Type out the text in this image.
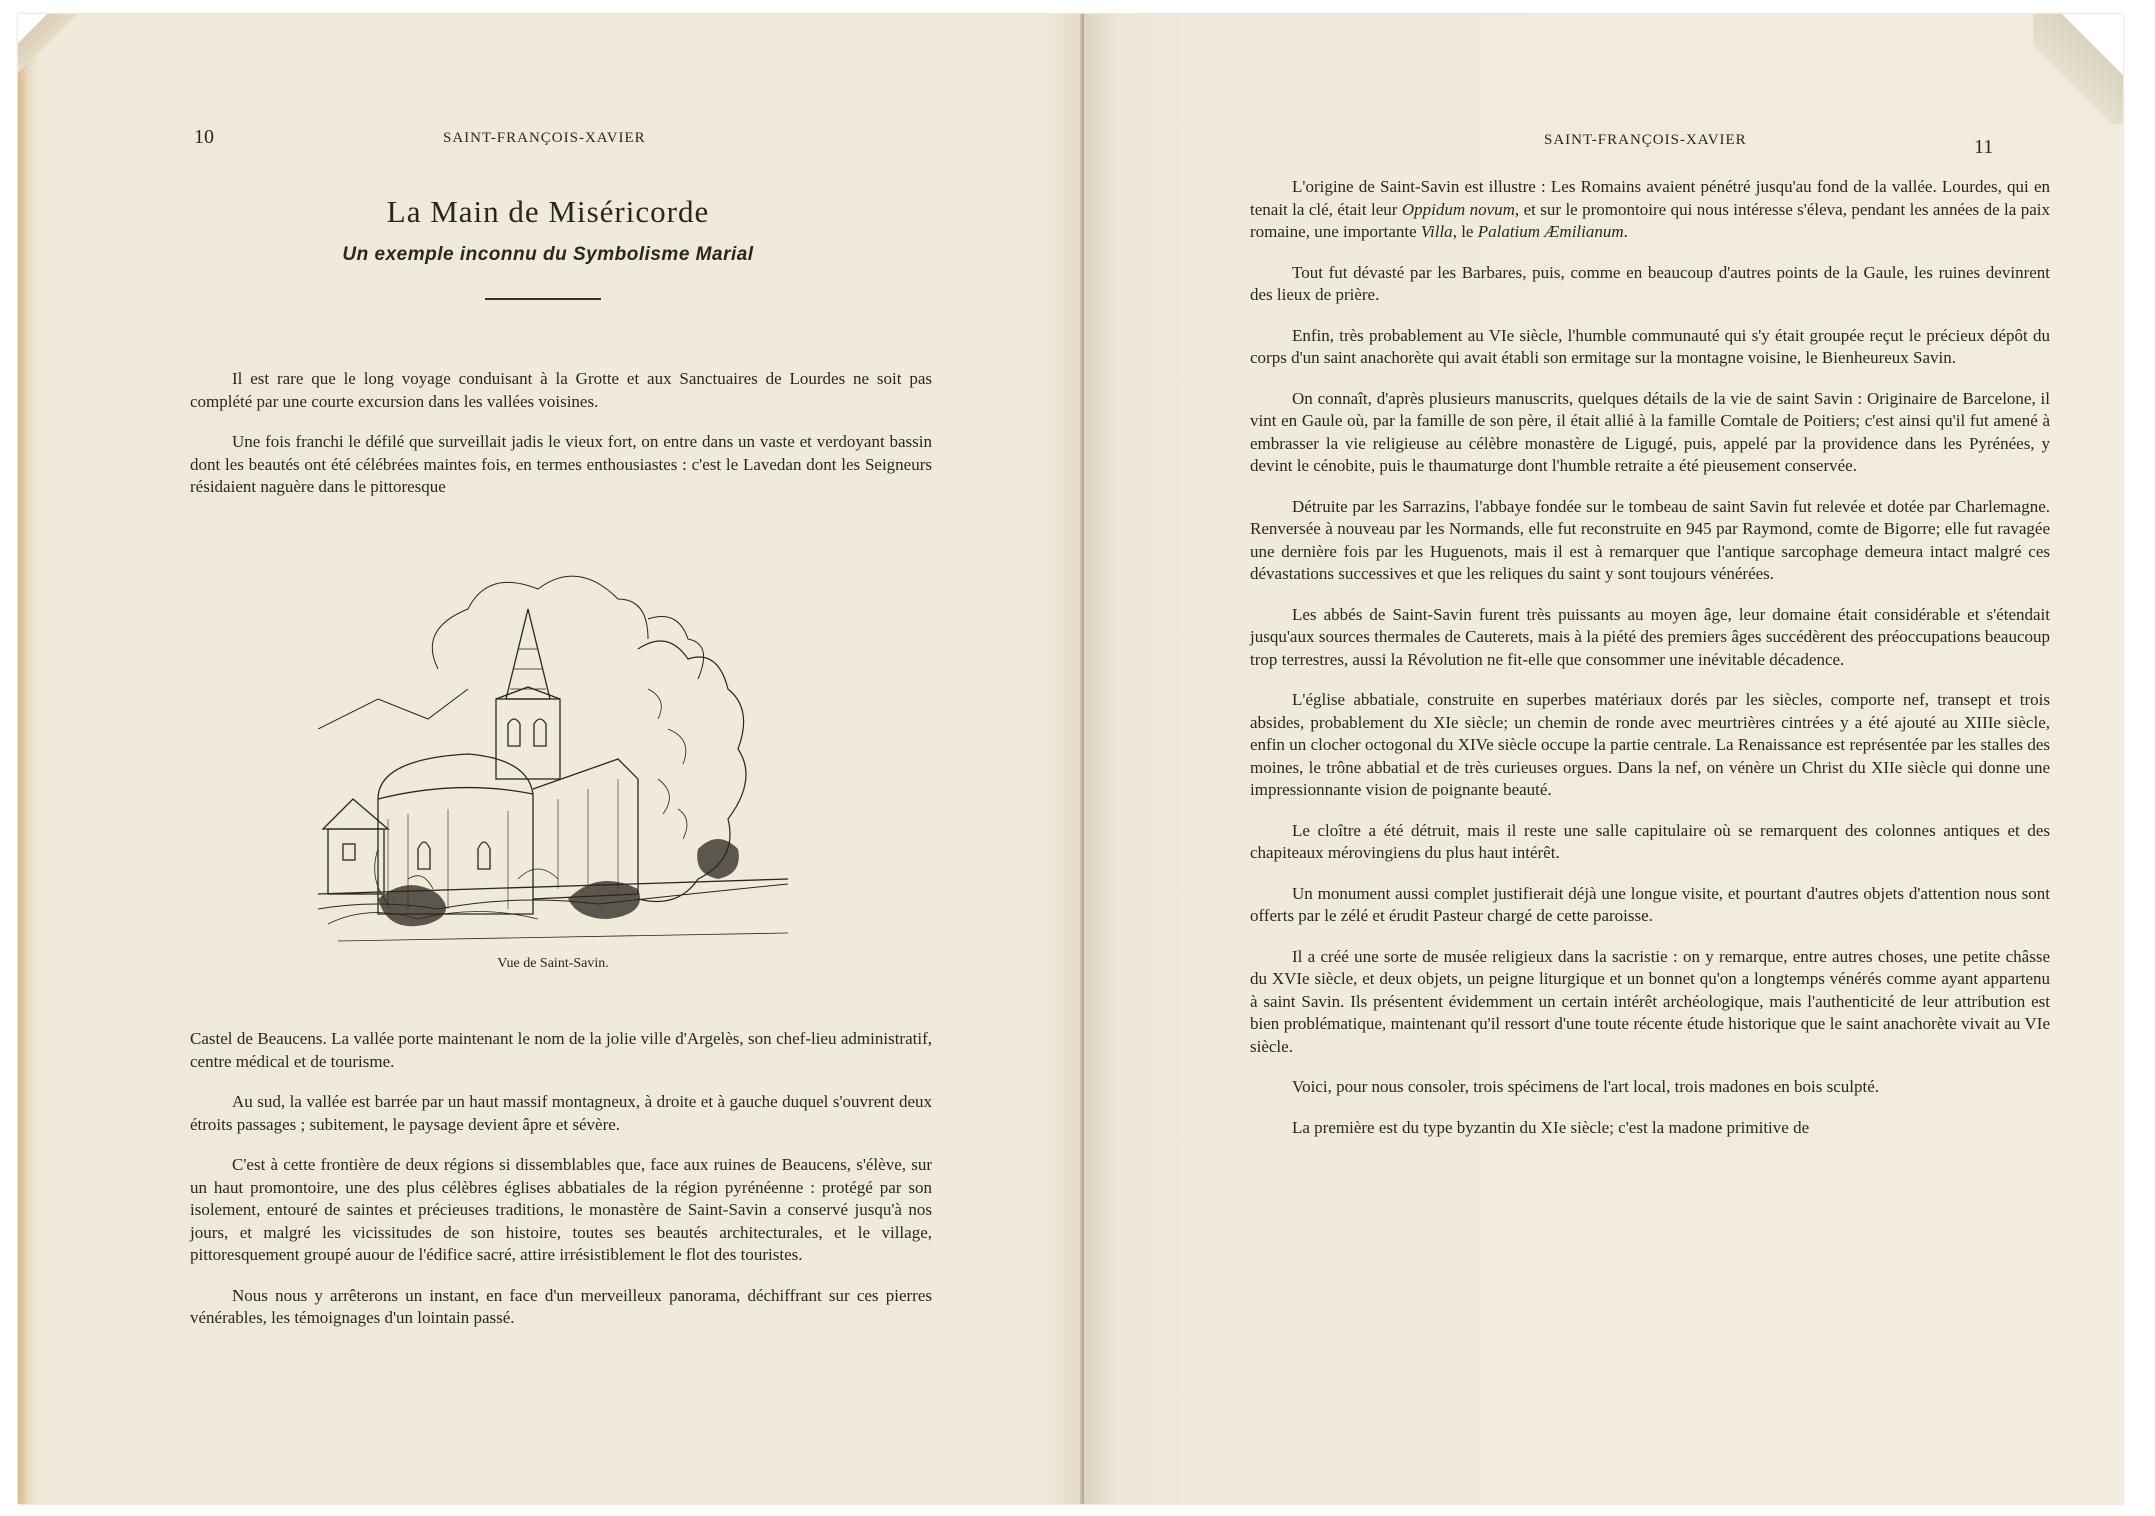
10	SAINT-FRANÇOIS-XAVIER
La Main de Miséricorde
Un exemple inconnu du Symbolisme Marial

Il est rare que le long voyage conduisant à la Grotte et aux Sanctuaires de Lourdes ne soit pas complété par une courte excursion dans les vallées voisines.

Une fois franchi le défilé que surveillait jadis le vieux fort, on entre dans un vaste et verdoyant bassin dont les beautés ont été célébrées maintes fois, en termes enthousiastes : c'est le Lavedan dont les Seigneurs résidaient naguère dans le pittoresque

Vue de Saint-Savin.

Castel de Beaucens. La vallée porte maintenant le nom de la jolie ville d'Argelès, son chef-lieu administratif, centre médical et de tourisme.

Au sud, la vallée est barrée par un haut massif montagneux, à droite et à gauche duquel s'ouvrent deux étroits passages ; subitement, le paysage devient âpre et sévère.

C'est à cette frontière de deux régions si dissemblables que, face aux ruines de Beaucens, s'élève, sur un haut promontoire, une des plus célèbres églises abbatiales de la région pyrénéenne : protégé par son isolement, entouré de saintes et précieuses traditions, le monastère de Saint-Savin a conservé jusqu'à nos jours, et malgré les vicissitudes de son histoire, toutes ses beautés architecturales, et le village, pittoresquement groupé auour de l'édifice sacré, attire irrésistiblement le flot des touristes.

Nous nous y arrêterons un instant, en face d'un merveilleux panorama, déchiffrant sur ces pierres vénérables, les témoignages d'un lointain passé.

SAINT-FRANÇOIS-XAVIER	11

L'origine de Saint-Savin est illustre : Les Romains avaient pénétré jusqu'au fond de la vallée. Lourdes, qui en tenait la clé, était leur Oppidum novum, et sur le promontoire qui nous intéresse s'éleva, pendant les années de la paix romaine, une importante Villa, le Palatium Æmilianum.

Tout fut dévasté par les Barbares, puis, comme en beaucoup d'autres points de la Gaule, les ruines devinrent des lieux de prière.

Enfin, très probablement au VIe siècle, l'humble communauté qui s'y était groupée reçut le précieux dépôt du corps d'un saint anachorète qui avait établi son ermitage sur la montagne voisine, le Bienheureux Savin.

On connaît, d'après plusieurs manuscrits, quelques détails de la vie de saint Savin : Originaire de Barcelone, il vint en Gaule où, par la famille de son père, il était allié à la famille Comtale de Poitiers; c'est ainsi qu'il fut amené à embrasser la vie religieuse au célèbre monastère de Ligugé, puis, appelé par la providence dans les Pyrénées, y devint le cénobite, puis le thaumaturge dont l'humble retraite a été pieusement conservée.

Détruite par les Sarrazins, l'abbaye fondée sur le tombeau de saint Savin fut relevée et dotée par Charlemagne. Renversée à nouveau par les Normands, elle fut reconstruite en 945 par Raymond, comte de Bigorre; elle fut ravagée une dernière fois par les Huguenots, mais il est à remarquer que l'antique sarcophage demeura intact malgré ces dévastations successives et que les reliques du saint y sont toujours vénérées.

Les abbés de Saint-Savin furent très puissants au moyen âge, leur domaine était considérable et s'étendait jusqu'aux sources thermales de Cauterets, mais à la piété des premiers âges succédèrent des préoccupations beaucoup trop terrestres, aussi la Révolution ne fit-elle que consommer une inévitable décadence.

L'église abbatiale, construite en superbes matériaux dorés par les siècles, comporte nef, transept et trois absides, probablement du XIe siècle; un chemin de ronde avec meurtrières cintrées y a été ajouté au XIIIe siècle, enfin un clocher octogonal du XIVe siècle occupe la partie centrale. La Renaissance est représentée par les stalles des moines, le trône abbatial et de très curieuses orgues. Dans la nef, on vénère un Christ du XIIe siècle qui donne une impressionnante vision de poignante beauté.

Le cloître a été détruit, mais il reste une salle capitulaire où se remarquent des colonnes antiques et des chapiteaux mérovingiens du plus haut intérêt.

Un monument aussi complet justifierait déjà une longue visite, et pourtant d'autres objets d'attention nous sont offerts par le zélé et érudit Pasteur chargé de cette paroisse.

Il a créé une sorte de musée religieux dans la sacristie : on y remarque, entre autres choses, une petite châsse du XVIe siècle, et deux objets, un peigne liturgique et un bonnet qu'on a longtemps vénérés comme ayant appartenu à saint Savin. Ils présentent évidemment un certain intérêt archéologique, mais l'authenticité de leur attribution est bien problématique, maintenant qu'il ressort d'une toute récente étude historique que le saint anachorète vivait au VIe siècle.

Voici, pour nous consoler, trois spécimens de l'art local, trois madones en bois sculpté.

La première est du type byzantin du XIe siècle; c'est la madone primitive de
